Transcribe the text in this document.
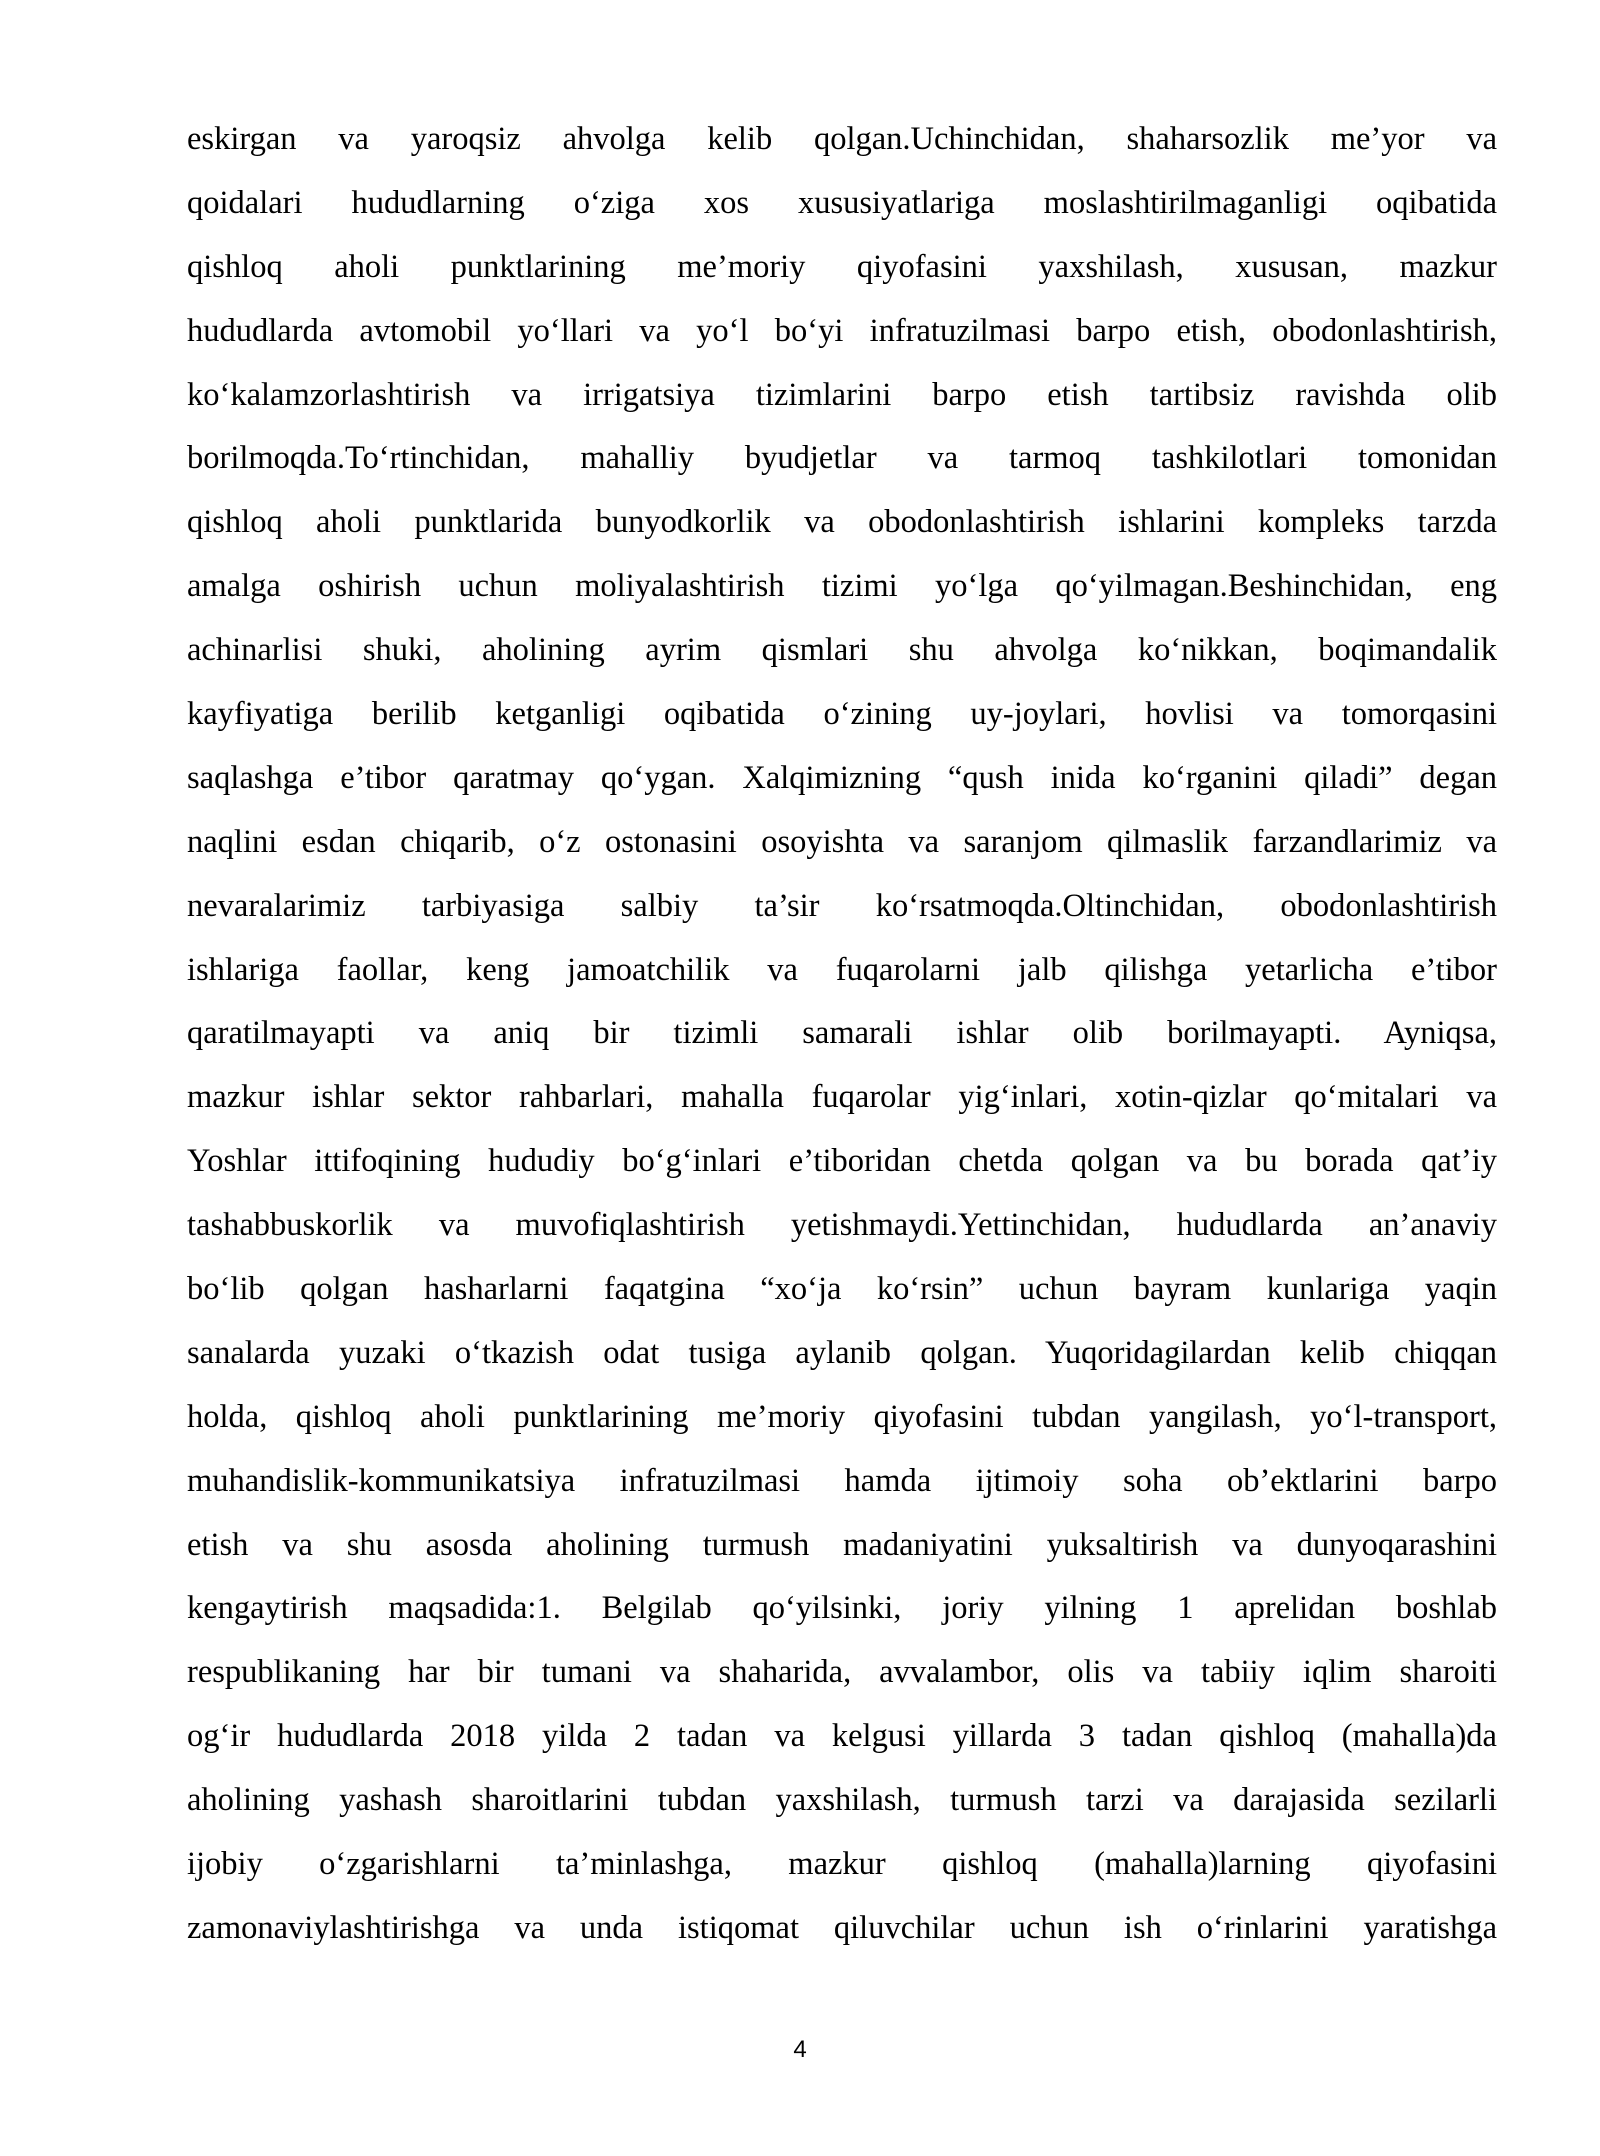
eskirgan va yaroqsiz ahvolga kelib qolgan.Uchinchidan, shaharsozlik me’yor va
qoidalari hududlarning o‘ziga xos xususiyatlariga moslashtirilmaganligi oqibatida
qishloq aholi punktlarining me’moriy qiyofasini yaxshilash, xususan, mazkur
hududlarda avtomobil yo‘llari va yo‘l bo‘yi infratuzilmasi barpo etish, obodonlashtirish,
ko‘kalamzorlashtirish va irrigatsiya tizimlarini barpo etish tartibsiz ravishda olib
borilmoqda.To‘rtinchidan, mahalliy byudjetlar va tarmoq tashkilotlari tomonidan
qishloq aholi punktlarida bunyodkorlik va obodonlashtirish ishlarini kompleks tarzda
amalga oshirish uchun moliyalashtirish tizimi yo‘lga qo‘yilmagan.Beshinchidan, eng
achinarlisi shuki, aholining ayrim qismlari shu ahvolga ko‘nikkan, boqimandalik
kayfiyatiga berilib ketganligi oqibatida o‘zining uy-joylari, hovlisi va tomorqasini
saqlashga e’tibor qaratmay qo‘ygan. Xalqimizning “qush inida ko‘rganini qiladi” degan
naqlini esdan chiqarib, o‘z ostonasini osoyishta va saranjom qilmaslik farzandlarimiz va
nevaralarimiz tarbiyasiga salbiy ta’sir ko‘rsatmoqda.Oltinchidan, obodonlashtirish
ishlariga faollar, keng jamoatchilik va fuqarolarni jalb qilishga yetarlicha e’tibor
qaratilmayapti va aniq bir tizimli samarali ishlar olib borilmayapti. Ayniqsa,
mazkur ishlar sektor rahbarlari, mahalla fuqarolar yig‘inlari, xotin-qizlar qo‘mitalari va
Yoshlar ittifoqining hududiy bo‘g‘inlari e’tiboridan chetda qolgan va bu borada qat’iy
tashabbuskorlik va muvofiqlashtirish yetishmaydi.Yettinchidan, hududlarda an’anaviy
bo‘lib qolgan hasharlarni faqatgina “xo‘ja ko‘rsin” uchun bayram kunlariga yaqin
sanalarda yuzaki o‘tkazish odat tusiga aylanib qolgan. Yuqoridagilardan kelib chiqqan
holda, qishloq aholi punktlarining me’moriy qiyofasini tubdan yangilash, yo‘l-transport,
muhandislik-kommunikatsiya infratuzilmasi hamda ijtimoiy soha ob’ektlarini barpo
etish va shu asosda aholining turmush madaniyatini yuksaltirish va dunyoqarashini
kengaytirish maqsadida:1. Belgilab qo‘yilsinki, joriy yilning 1 aprelidan boshlab
respublikaning har bir tumani va shaharida, avvalambor, olis va tabiiy iqlim sharoiti
og‘ir hududlarda 2018 yilda 2 tadan va kelgusi yillarda 3 tadan qishloq (mahalla)da
aholining yashash sharoitlarini tubdan yaxshilash, turmush tarzi va darajasida sezilarli
ijobiy o‘zgarishlarni ta’minlashga, mazkur qishloq (mahalla)larning qiyofasini
zamonaviylashtirishga va unda istiqomat qiluvchilar uchun ish o‘rinlarini yaratishga
4
